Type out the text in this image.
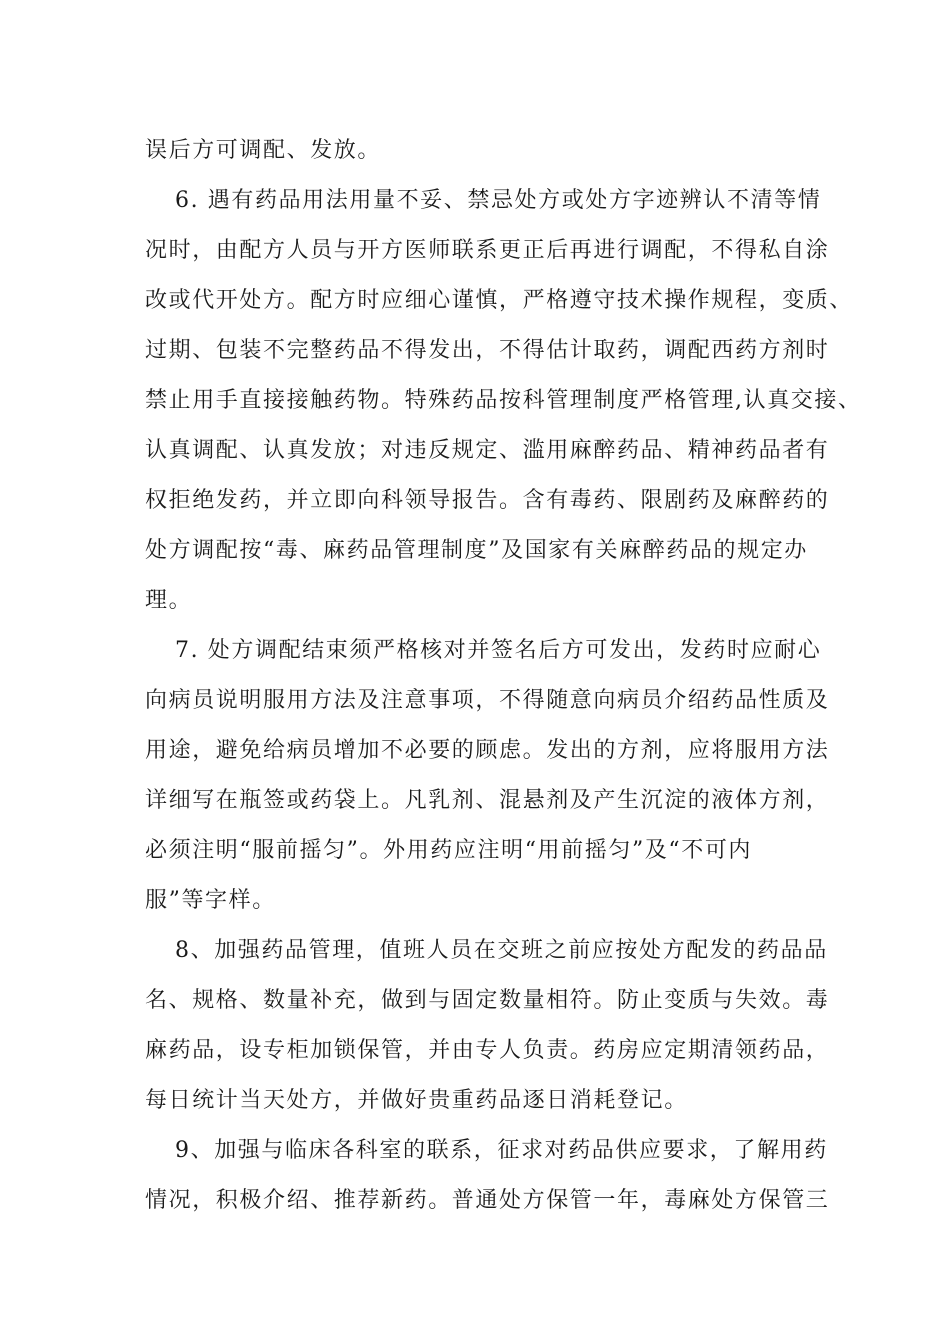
误后方可调配、发放。
6. 遇有药品用法用量不妥、禁忌处方或处方字迹辨认不清等情
况时，由配方人员与开方医师联系更正后再进行调配，不得私自涂
改或代开处方。配方时应细心谨慎，严格遵守技术操作规程，变质、
过期、包装不完整药品不得发出，不得估计取药，调配西药方剂时
禁止用手直接接触药物。特殊药品按科管理制度严格管理,认真交接、
认真调配、认真发放；对违反规定、滥用麻醉药品、精神药品者有
权拒绝发药，并立即向科领导报告。含有毒药、限剧药及麻醉药的
处方调配按“毒、麻药品管理制度”及国家有关麻醉药品的规定办
理。
7. 处方调配结束须严格核对并签名后方可发出，发药时应耐心
向病员说明服用方法及注意事项，不得随意向病员介绍药品性质及
用途，避免给病员增加不必要的顾虑。发出的方剂，应将服用方法
详细写在瓶签或药袋上。凡乳剂、混悬剂及产生沉淀的液体方剂，
必须注明“服前摇匀”。外用药应注明“用前摇匀”及“不可内
服”等字样。
8、加强药品管理，值班人员在交班之前应按处方配发的药品品
名、规格、数量补充，做到与固定数量相符。防止变质与失效。毒
麻药品，设专柜加锁保管，并由专人负责。药房应定期清领药品，
每日统计当天处方，并做好贵重药品逐日消耗登记。
9、加强与临床各科室的联系，征求对药品供应要求，了解用药
情况，积极介绍、推荐新药。普通处方保管一年，毒麻处方保管三
